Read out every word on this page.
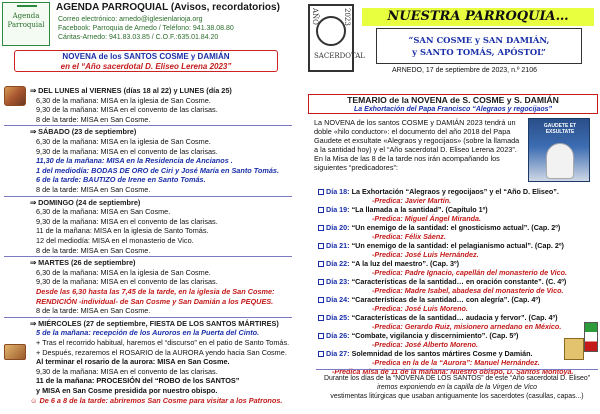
Agenda Parroquial
AGENDA PARROQUIAL (Avisos, recordatorios)
Correo electrónico: arnedo@iglesienlarioja.org
Facebook: Parroquia de Arnedo / Teléfono: 941.38.08.80
Cáritas-Arnedo: 941.83.03.85 / C.O.F.:635.01.84.20
NOVENA de los SANTOS COSME y DAMIÁN
en el “Año sacerdotal D. Eliseo Lerena 2023”
⇒ DEL LUNES al VIERNES (días 18 al 22) y LUNES (día 25)
6,30 de la mañana: MISA en la iglesia de San Cosme.
9,30 de la mañana: MISA en el convento de las clarisas.
8 de la tarde: MISA en San Cosme.
⇒ SÁBADO (23 de septiembre)
6,30 de la mañana: MISA en la iglesia de San Cosme.
9,30 de la mañana: MISA en el convento de las clarisas.
11,30 de la mañana: MISA en la Residencia de Ancianos .
1 del mediodía: BODAS DE ORO de Ciri y José María en Santo Tomás.
6 de la tarde: BAUTIZO de Irene en Santo Tomás.
8 de la tarde: MISA en San Cosme.
⇒ DOMINGO (24 de septiembre)
6,30 de la mañana: MISA en San Cosme.
9,30 de la mañana: MISA en el convento de las clarisas.
11 de la mañana: MISA en la iglesia de Santo Tomás.
12 del mediodía: MISA en el monasterio de Vico.
8 de la tarde: MISA en San Cosme.
⇒ MARTES (26 de septiembre)
6,30 de la mañana: MISA en la iglesia de San Cosme.
9,30 de la mañana: MISA en el convento de las clarisas.
Desde las 6,30 hasta las 7,45 de la tarde, en la iglesia de San Cosme:
RENDICIÓN -individual- de San Cosme y San Damián a los PEQUES.
8 de la tarde: MISA en San Cosme.
⇒ MIÉRCOLES (27 de septiembre, FIESTA DE LOS SANTOS MÁRTIRES)
5 de la mañana: recepción de los Auroros en la Puerta del Cinto.
+ Tras el recorrido habitual, haremos el “discurso” en el patio de Santo Tomás.
+ Después, rezaremos el ROSARIO de la AURORA yendo hacia San Cosme.
Al terminar el rosario de la aurora: MISA en San Cosme.
9,30 de la mañana: MISA en el convento de las clarisas.
11 de la mañana: PROCESIÓN del “ROBO de los SANTOS”
y MISA en San Cosme presidida por nuestro obispo.
☺ De 6 a 8 de la tarde: abriremos San Cosme para visitar a los Patronos.
AÑO	2023
SACERDOTAL
NUESTRA PARROQUIA…
“SAN COSME y SAN DAMIÁN,
y SANTO TOMÁS, APÓSTOL”
ARNEDO, 17 de septiembre de 2023, n.º 2106
TEMARIO de la NOVENA de S. COSME y S. DAMIÁN
La Exhortación del Papa Francisco “Alegraos y regocijaos”
La NOVENA de los santos COSME y DAMIÁN 2023 tendrá un doble «hilo conductor»: el documento del año 2018 del Papa Gaudete et exsultate «Alegraos y regocijaos» (sobre la llamada a la santidad hoy) y el “Año sacerdotal D. Eliseo Lerena 2023”. En la Misa de las 8 de la tarde nos irán acompañando los siguientes “predicadores”:
GAUDETE ET EXSULTATE
Día 18: La Exhortación “Alegraos y regocijaos” y el “Año D. Eliseo”.
-Predica: Javier Martín.
Día 19: “La llamada a la santidad”. (Capítulo 1º)
-Predica: Miguel Ángel Miranda.
Día 20: “Un enemigo de la santidad: el gnosticismo actual”. (Cap. 2º)
-Predica: Félix Sáenz.
Día 21: “Un enemigo de la santidad: el pelagianismo actual”. (Cap. 2º)
-Predica: José Luis Hernández.
Día 22: “A la luz del maestro”. (Cap. 3º)
-Predica: Padre Ignacio, capellán del monasterio de Vico.
Día 23: “Características de la santidad… en oración constante”. (C. 4º)
-Predica: Madre Isabel, abadesa del monasterio de Vico.
Día 24: “Características de la santidad… con alegría”. (Cap. 4º)
-Predica: José Luis Moreno.
Día 25: “Características de la santidad… audacia y fervor”. (Cap. 4º)
-Predica: Gerardo Ruiz, misionero arnedano en México.
Día 26: “Combate, vigilancia y discernimiento”. (Cap. 5º)
-Predica: José Alberto Moreno.
Día 27: Solemnidad de los santos mártires Cosme y Damián.
-Predica en la de la “Aurora”: Manuel Hernández.
-Predica Misa de 11 de la mañana: Nuestro obispo, D. Santos Montoya.
Durante los días de la “NOVENA DE LOS SANTOS” de este “Año sacerdotal D. Eliseo”
iremos exponiendo en la capilla de la Virgen de Vico
vestimentas litúrgicas que usaban antiguamente los sacerdotes (casullas, capas...)
